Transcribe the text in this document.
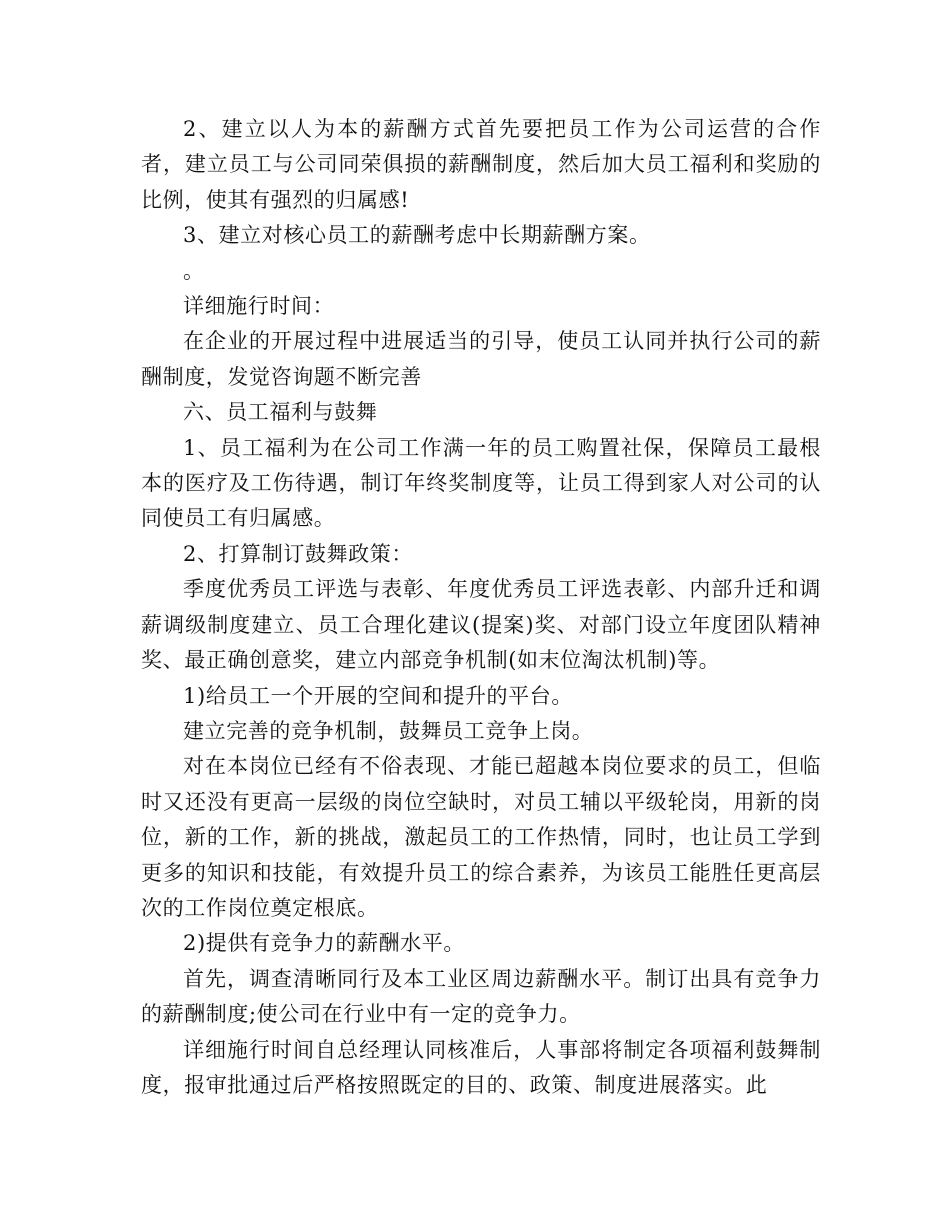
2、建立以人为本的薪酬方式首先要把员工作为公司运营的合作者，建立员工与公司同荣俱损的薪酬制度，然后加大员工福利和奖励的比例，使其有强烈的归属感!

3、建立对核心员工的薪酬考虑中长期薪酬方案。

。

详细施行时间：

在企业的开展过程中进展适当的引导，使员工认同并执行公司的薪酬制度，发觉咨询题不断完善

六、员工福利与鼓舞

1、员工福利为在公司工作满一年的员工购置社保，保障员工最根本的医疗及工伤待遇，制订年终奖制度等，让员工得到家人对公司的认同使员工有归属感。

2、打算制订鼓舞政策：

季度优秀员工评选与表彰、年度优秀员工评选表彰、内部升迁和调薪调级制度建立、员工合理化建议(提案)奖、对部门设立年度团队精神奖、最正确创意奖，建立内部竞争机制(如末位淘汰机制)等。

1)给员工一个开展的空间和提升的平台。

建立完善的竞争机制，鼓舞员工竞争上岗。

对在本岗位已经有不俗表现、才能已超越本岗位要求的员工，但临时又还没有更高一层级的岗位空缺时，对员工辅以平级轮岗，用新的岗位，新的工作，新的挑战，激起员工的工作热情，同时，也让员工学到更多的知识和技能，有效提升员工的综合素养，为该员工能胜任更高层次的工作岗位奠定根底。

2)提供有竞争力的薪酬水平。

首先，调查清晰同行及本工业区周边薪酬水平。制订出具有竞争力的薪酬制度;使公司在行业中有一定的竞争力。

详细施行时间自总经理认同核准后，人事部将制定各项福利鼓舞制度，报审批通过后严格按照既定的目的、政策、制度进展落实。此
